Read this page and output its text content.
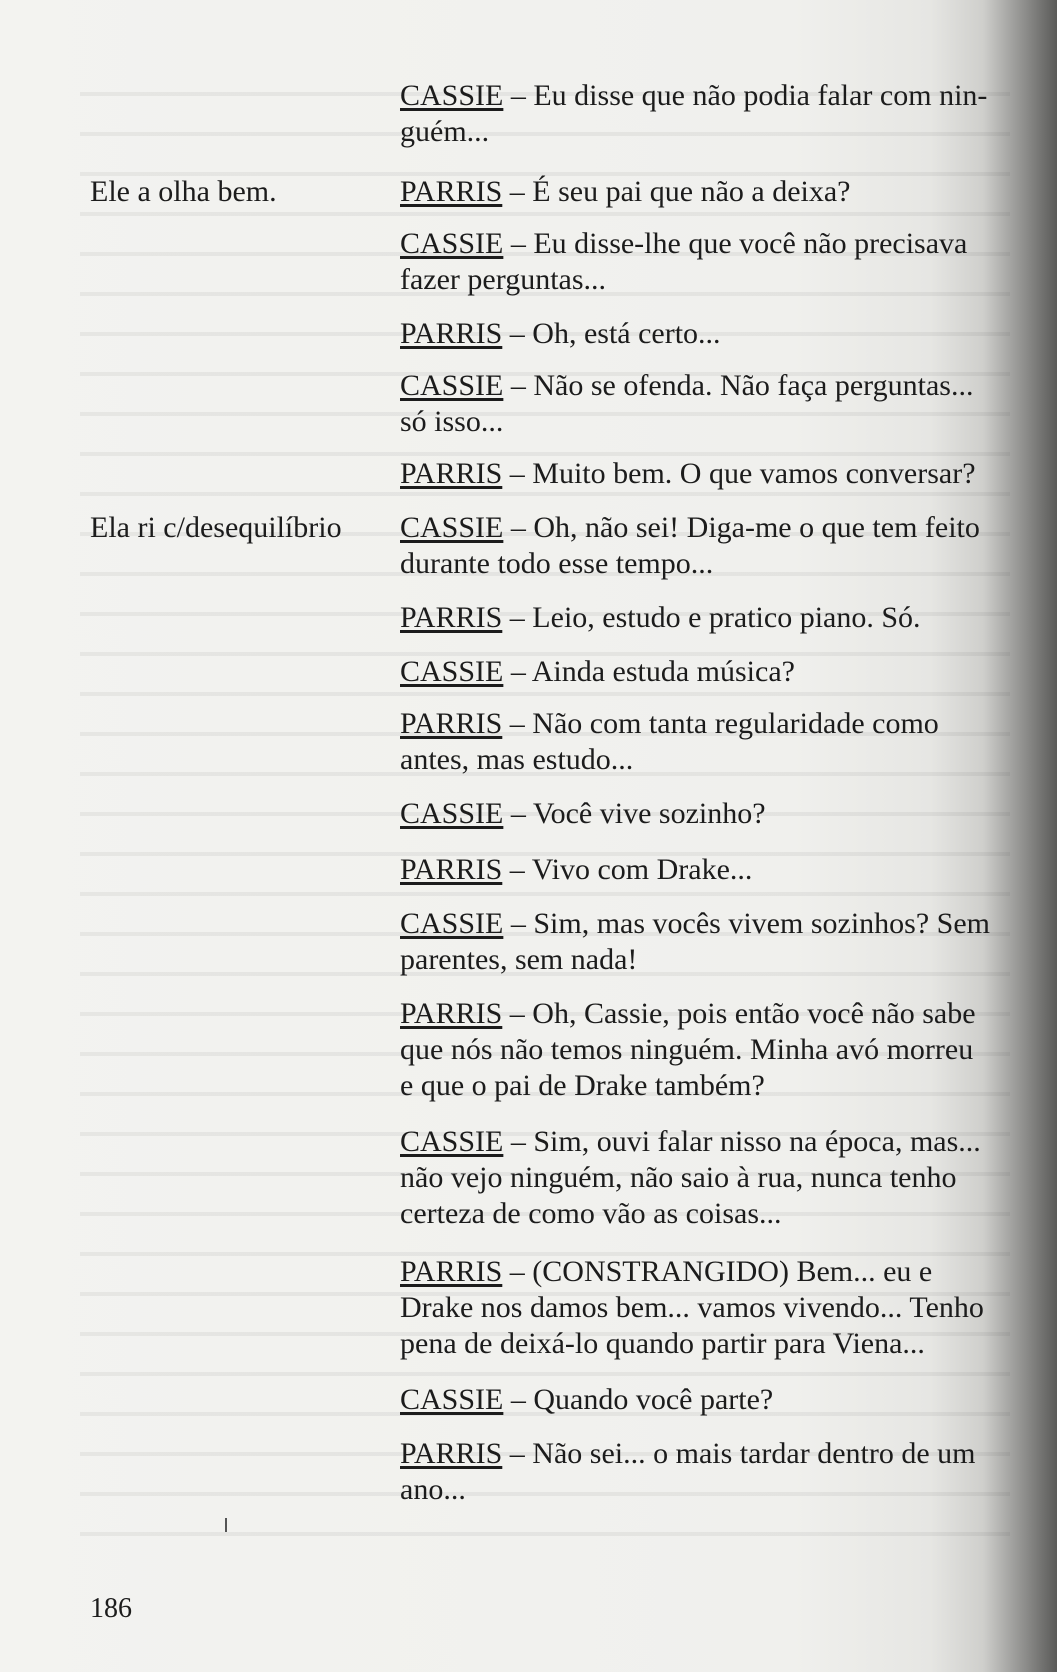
Ele a olha bem.
Ela ri c/desequilíbrio
CASSIE – Eu disse que não podia falar com nin-
guém...
PARRIS – É seu pai que não a deixa?
CASSIE – Eu disse-lhe que você não precisava
fazer perguntas...
PARRIS – Oh, está certo...
CASSIE – Não se ofenda. Não faça perguntas...
só isso...
PARRIS – Muito bem. O que vamos conversar?
CASSIE – Oh, não sei! Diga-me o que tem feito
durante todo esse tempo...
PARRIS – Leio, estudo e pratico piano. Só.
CASSIE – Ainda estuda música?
PARRIS – Não com tanta regularidade como
antes, mas estudo...
CASSIE – Você vive sozinho?
PARRIS – Vivo com Drake...
CASSIE – Sim, mas vocês vivem sozinhos? Sem
parentes, sem nada!
PARRIS – Oh, Cassie, pois então você não sabe
que nós não temos ninguém. Minha avó morreu
e que o pai de Drake também?
CASSIE – Sim, ouvi falar nisso na época, mas...
não vejo ninguém, não saio à rua, nunca tenho
certeza de como vão as coisas...
PARRIS – (CONSTRANGIDO) Bem... eu e
Drake nos damos bem... vamos vivendo... Tenho
pena de deixá-lo quando partir para Viena...
CASSIE – Quando você parte?
PARRIS – Não sei... o mais tardar dentro de um
ano...
186
